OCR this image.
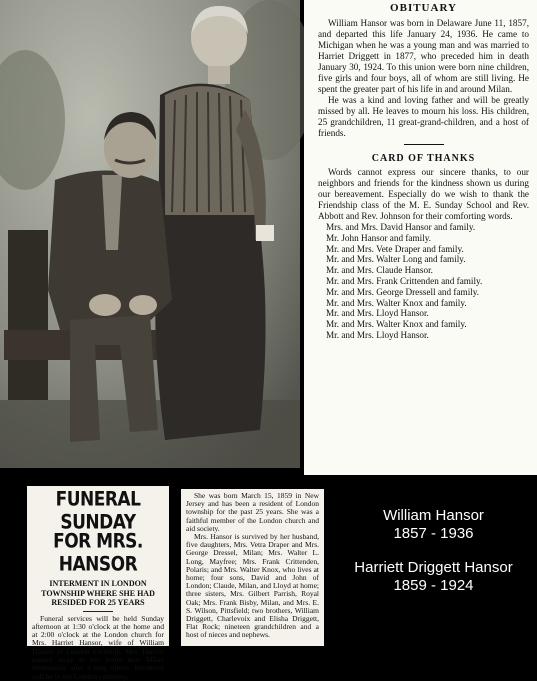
OBITUARY

William Hansor was born in Delaware June 11, 1857, and departed this life January 24, 1936. He came to Michigan when he was a young man and was married to Harriet Driggett in 1877, who preceded him in death January 30, 1924. To this union were born nine children, five girls and four boys, all of whom are still living. He spent the greater part of his life in and around Milan.

He was a kind and loving father and will be greatly missed by all. He leaves to mourn his loss. His children, 25 grandchildren, 11 great-grand-children, and a host of friends.

CARD OF THANKS

Words cannot express our sincere thanks, to our neighbors and friends for the kindness shown us during our bereavement. Especially do we wish to thank the Friendship class of the M. E. Sunday School and Rev. Abbott and Rev. Johnson for their comforting words.

Mrs. and Mrs. David Hansor and family.
Mr. John Hansor and family.
Mr. and Mrs. Vete Draper and family.
Mr. and Mrs. Walter Long and family.
Mr. and Mrs. Claude Hansor.
Mr. and Mrs. Frank Crittenden and family.
Mr. and Mrs. George Dressell and family.
Mr. and Mrs. Walter Knox and family.
Mr. and Mrs. Lloyd Hansor.
Mr. and Mrs. Walter Knox and family.
Mr. and Mrs. Lloyd Hansor.
FUNERAL SUNDAY
FOR MRS. HANSOR
INTERMENT IN LONDON TOWNSHIP WHERE SHE HAD RESIDED FOR 25 YEARS
Funeral services will be held Sunday afternoon at 1:30 o'clock at the home and at 2:00 o'clock at the London church for Mrs. Harriet Hansor, wife of William Hansor of London township. Mrs. Hansor passed away at her home near Milan Wednesday after a long illness. Interment will be in the London cemetery.

She was born March 15, 1859 in New Jersey and has been a resident of London township for the past 25 years. She was a faithful member of the London church and aid society.

Mrs. Hansor is survived by her husband, five daughters, Mrs. Vetra Draper and Mrs. George Dressel, Milan; Mrs. Walter L. Long, Mayfree; Mrs. Frank Crittenden, Polaris; and Mrs. Walter Knox, who lives at home; four sons, David and John of London; Claude, Milan, and Lloyd at home; three sisters, Mrs. Gilbert Parrish, Royal Oak; Mrs. Frank Bisby, Milan, and Mrs. E. S. Wilson, Pittsfield; two brothers, William Driggett, Charlevoix and Elisha Driggett, Flat Rock; nineteen grandchildren and a host of nieces and nephews.

William Hansor
1857 - 1936
Harriett Driggett Hansor
1859 - 1924
